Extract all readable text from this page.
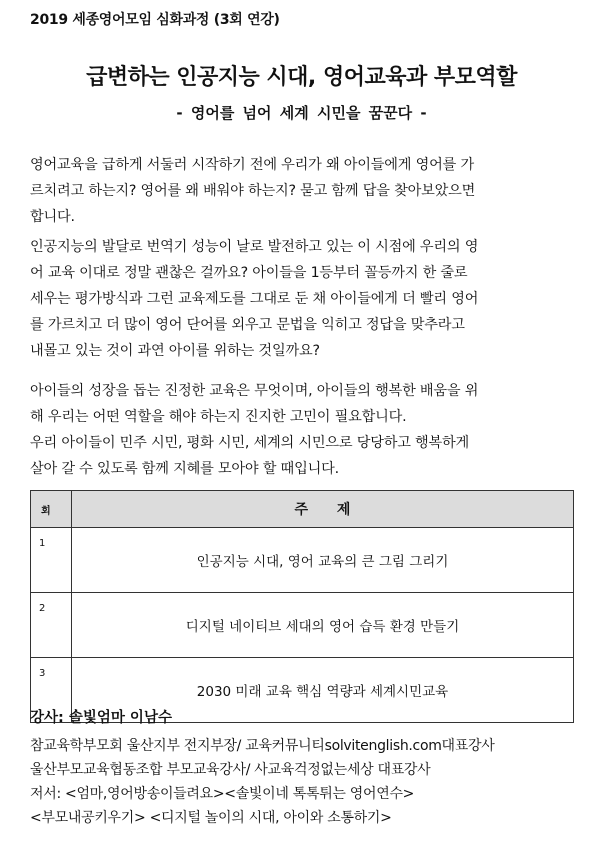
2019 세종영어모임 심화과정 (3회 연강)
급변하는 인공지능 시대, 영어교육과 부모역할
- 영어를 넘어 세계 시민을 꿈꾼다 -
영어교육을 급하게 서둘러 시작하기 전에 우리가 왜 아이들에게 영어를 가
르치려고 하는지? 영어를 왜 배워야 하는지? 묻고 함께 답을 찾아보았으면
합니다.
인공지능의 발달로 번역기 성능이 날로 발전하고 있는 이 시점에 우리의 영
어 교육 이대로 정말 괜찮은 걸까요? 아이들을 1등부터 꼴등까지 한 줄로
세우는 평가방식과 그런 교육제도를 그대로 둔 채 아이들에게 더 빨리 영어
를 가르치고 더 많이 영어 단어를 외우고 문법을 익히고 정답을 맞추라고
내몰고 있는 것이 과연 아이를 위하는 것일까요?
아이들의 성장을 돕는 진정한 교육은 무엇이며, 아이들의 행복한 배움을 위
해 우리는 어떤 역할을 해야 하는지 진지한 고민이 필요합니다.
우리 아이들이 민주 시민, 평화 시민, 세계의 시민으로 당당하고 행복하게
살아 갈 수 있도록 함께 지혜를 모아야 할 때입니다.
회	주 제
1	인공지능 시대, 영어 교육의 큰 그림 그리기
2	디지털 네이티브 세대의 영어 습득 환경 만들기
3	2030 미래 교육 핵심 역량과 세계시민교육
강사: 솔빛엄마 이남수
참교육학부모회 울산지부 전지부장/ 교육커뮤니티solvitenglish.com대표강사
울산부모교육협동조합 부모교육강사/ 사교육걱정없는세상 대표강사
저서: <엄마,영어방송이들려요><솔빛이네 톡톡튀는 영어연수>
<부모내공키우기> <디지털 놀이의 시대, 아이와 소통하기>
